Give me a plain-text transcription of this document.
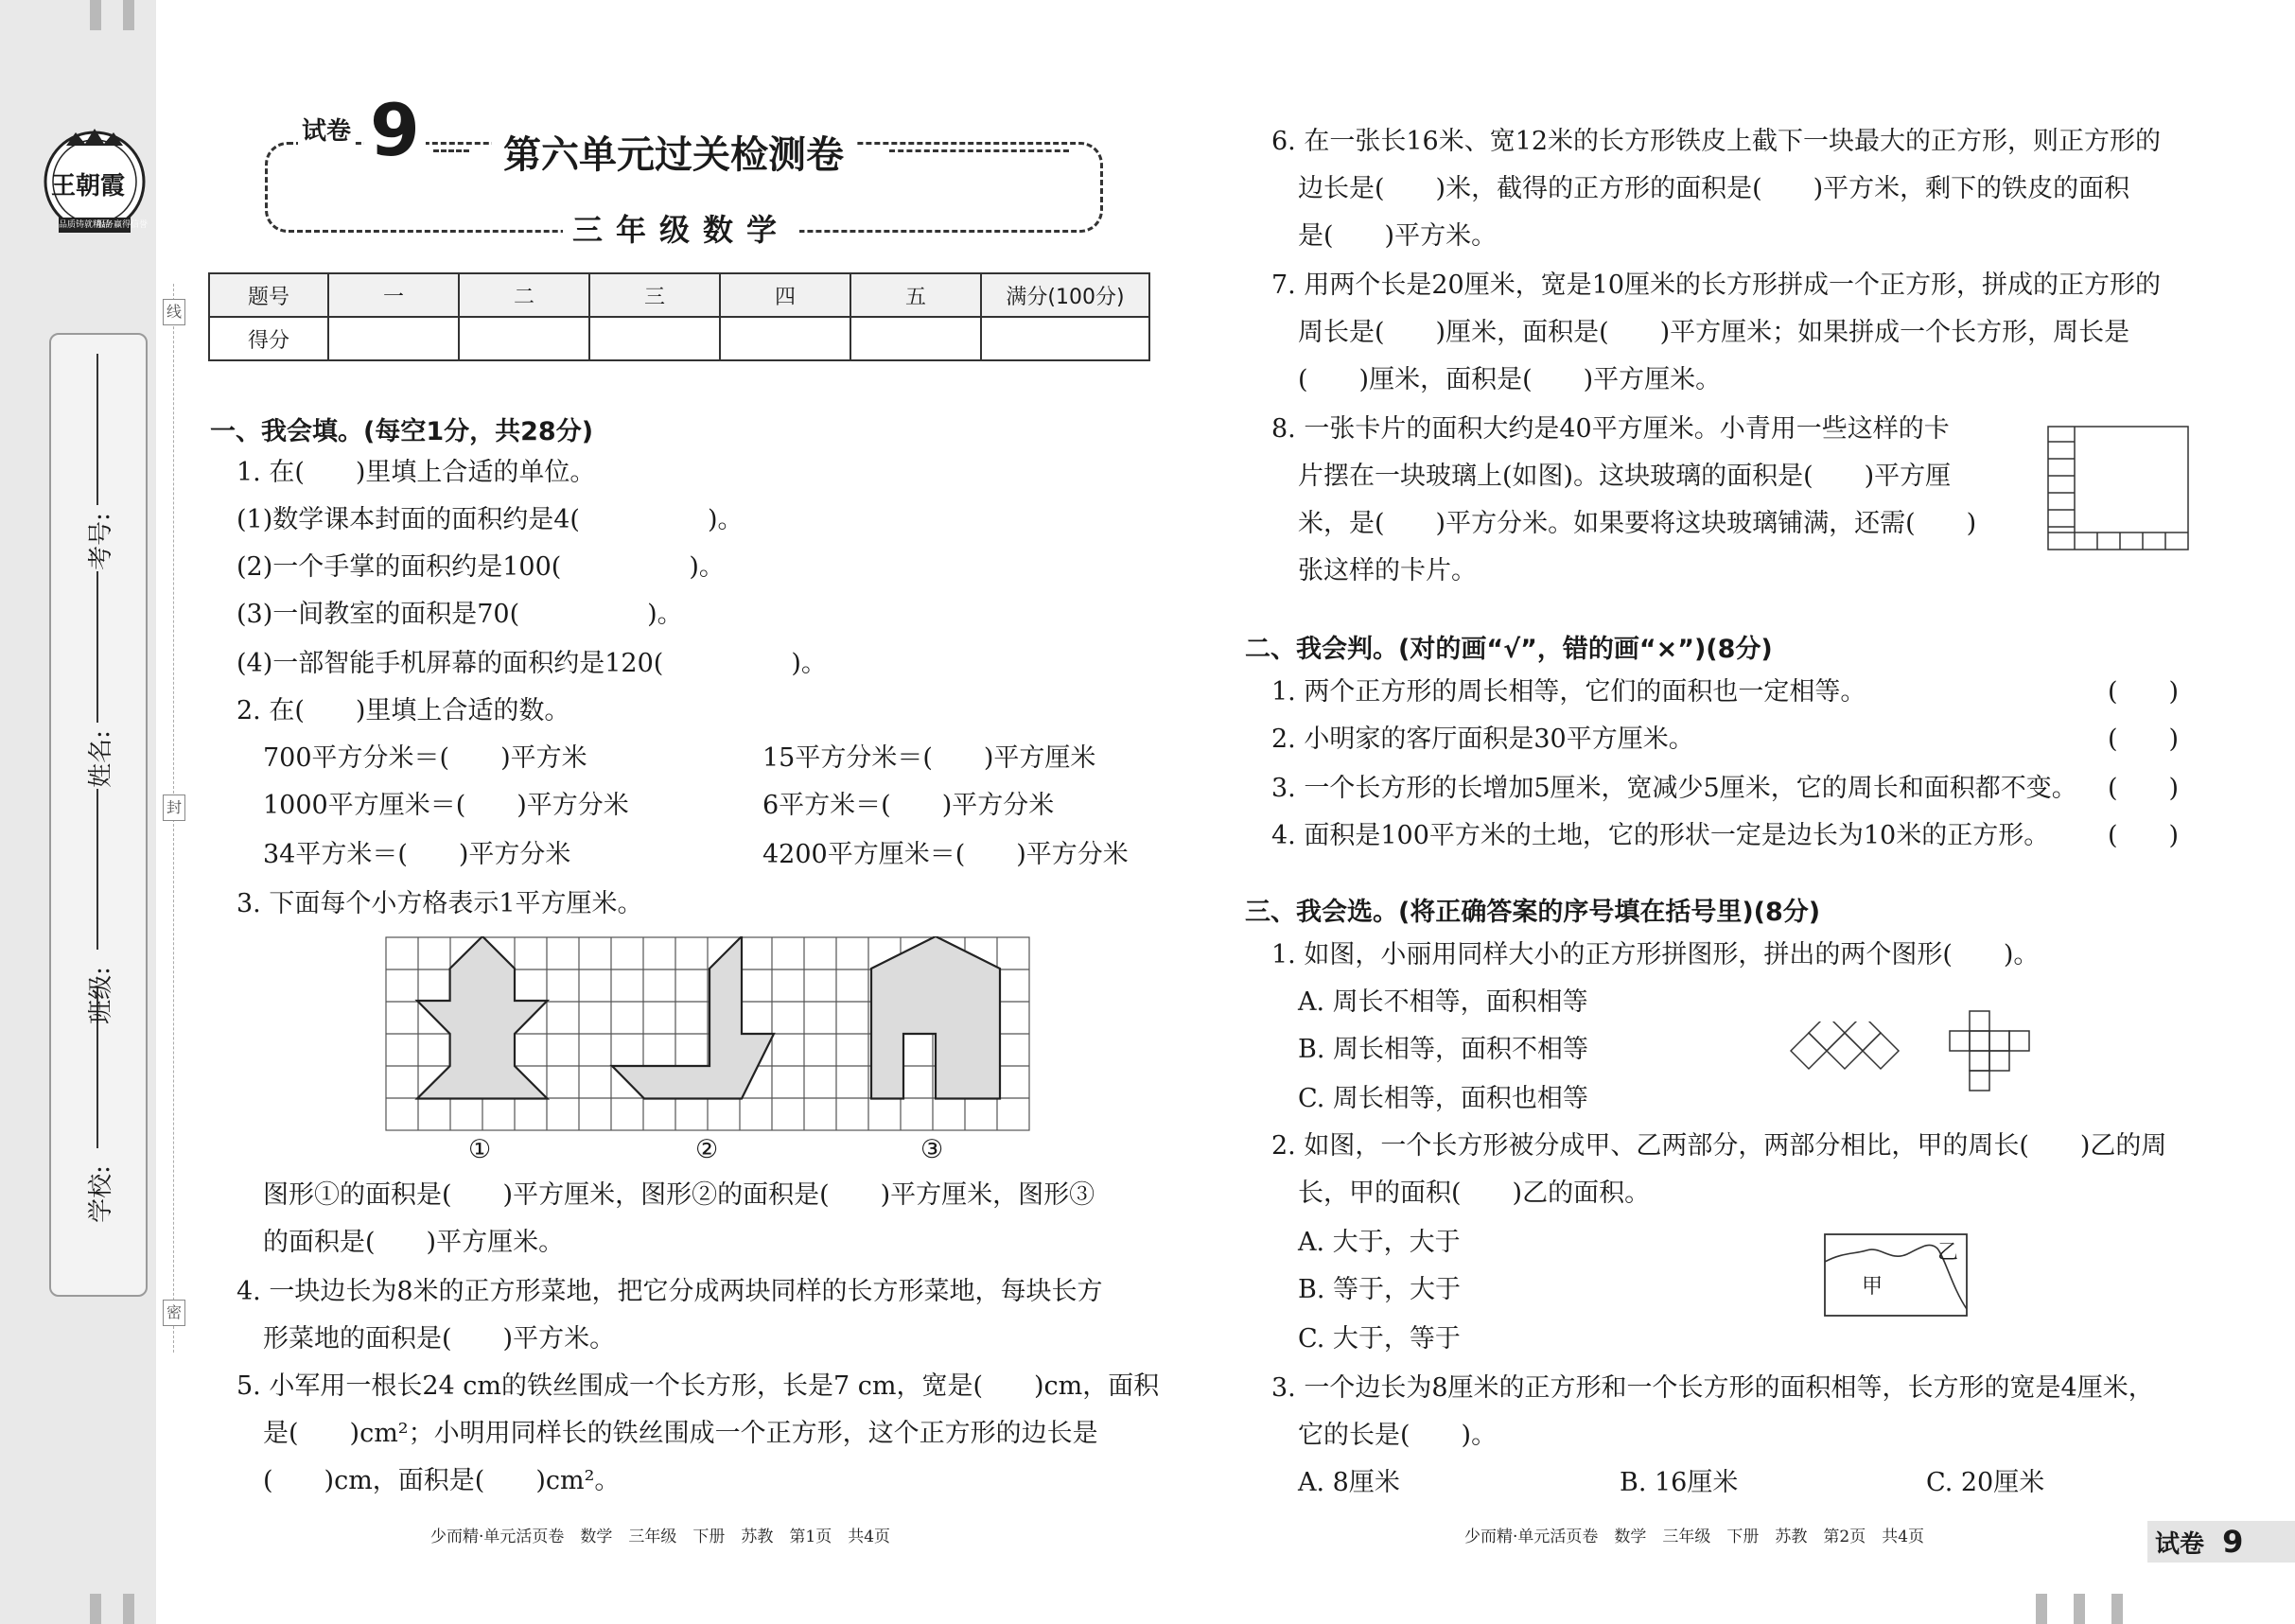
王朝霞
品质铸就精品
服务赢得信誉
学校:
班级:
姓名:
考号:
线
封
密
试卷 9	第六单元过关检测卷
三年级数学
题号	一	二	三	四	五	满分(100分)
得分						
一、我会填。(每空1分，共28分)
1. 在(　　)里填上合适的单位。
(1)数学课本封面的面积约是4(　　　　　)。
(2)一个手掌的面积约是100(　　　　　)。
(3)一间教室的面积是70(　　　　　)。
(4)一部智能手机屏幕的面积约是120(　　　　　)。
2. 在(　　)里填上合适的数。
700平方分米＝(　　)平方米	15平方分米＝(　　)平方厘米
1000平方厘米＝(　　)平方分米	6平方米＝(　　)平方分米
34平方米＝(　　)平方分米	4200平方厘米＝(　　)平方分米
3. 下面每个小方格表示1平方厘米。
①	②	③
图形①的面积是(　　)平方厘米，图形②的面积是(　　)平方厘米，图形③
的面积是(　　)平方厘米。
4. 一块边长为8米的正方形菜地，把它分成两块同样的长方形菜地，每块长方
形菜地的面积是(　　)平方米。
5. 小军用一根长24 cm的铁丝围成一个长方形，长是7 cm，宽是(　　)cm，面积
是(　　)cm²；小明用同样长的铁丝围成一个正方形，这个正方形的边长是
(　　)cm，面积是(　　)cm²。
少而精·单元活页卷　数学　三年级　下册　苏教　第1页　共4页
6. 在一张长16米、宽12米的长方形铁皮上截下一块最大的正方形，则正方形的
边长是(　　)米，截得的正方形的面积是(　　)平方米，剩下的铁皮的面积
是(　　)平方米。
7. 用两个长是20厘米，宽是10厘米的长方形拼成一个正方形，拼成的正方形的
周长是(　　)厘米，面积是(　　)平方厘米；如果拼成一个长方形，周长是
(　　)厘米，面积是(　　)平方厘米。
8. 一张卡片的面积大约是40平方厘米。小青用一些这样的卡
片摆在一块玻璃上(如图)。这块玻璃的面积是(　　)平方厘
米，是(　　)平方分米。如果要将这块玻璃铺满，还需(　　)
张这样的卡片。
二、我会判。(对的画“√”，错的画“×”)(8分)
1. 两个正方形的周长相等，它们的面积也一定相等。	(　　)
2. 小明家的客厅面积是30平方厘米。	(　　)
3. 一个长方形的长增加5厘米，宽减少5厘米，它的周长和面积都不变。 (　　)
4. 面积是100平方米的土地，它的形状一定是边长为10米的正方形。 (　　)
三、我会选。(将正确答案的序号填在括号里)(8分)
1. 如图，小丽用同样大小的正方形拼图形，拼出的两个图形(　　)。
A. 周长不相等，面积相等
B. 周长相等，面积不相等
C. 周长相等，面积也相等
2. 如图，一个长方形被分成甲、乙两部分，两部分相比，甲的周长(　　)乙的周
长，甲的面积(　　)乙的面积。
A. 大于，大于
B. 等于，大于
C. 大于，等于
甲
乙
3. 一个边长为8厘米的正方形和一个长方形的面积相等，长方形的宽是4厘米，
它的长是(　　)。
A. 8厘米	B. 16厘米	C. 20厘米
少而精·单元活页卷　数学　三年级　下册　苏教　第2页　共4页	试卷 9
